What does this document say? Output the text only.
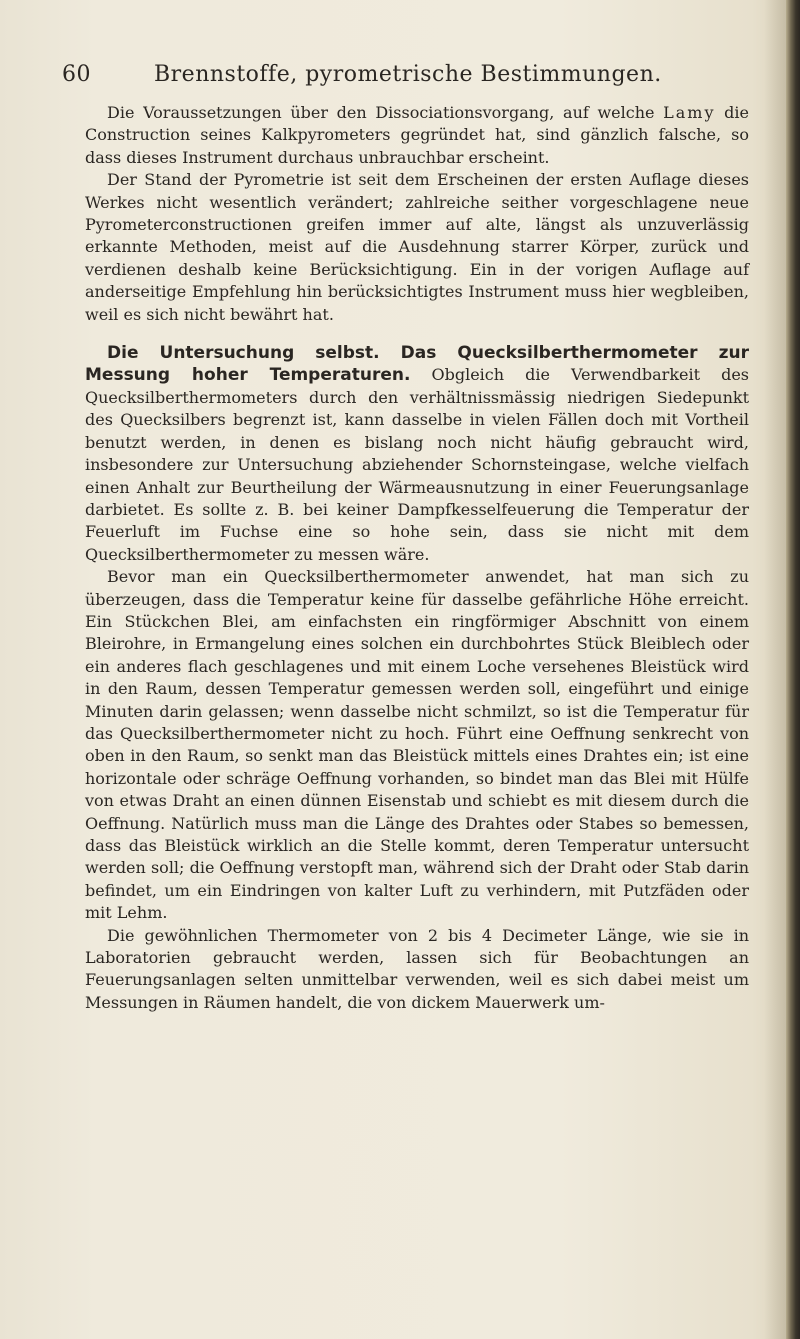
60	Brennstoffe, pyrometrische Bestimmungen.

Die Voraussetzungen über den Dissociationsvorgang, auf welche Lamy die Construction seines Kalkpyrometers gegründet hat, sind gänzlich falsche, so dass dieses Instrument durchaus unbrauchbar erscheint.

Der Stand der Pyrometrie ist seit dem Erscheinen der ersten Auflage dieses Werkes nicht wesentlich verändert; zahlreiche seither vorgeschlagene neue Pyrometerconstructionen greifen immer auf alte, längst als unzuverlässig erkannte Methoden, meist auf die Ausdehnung starrer Körper, zurück und verdienen deshalb keine Berücksichtigung. Ein in der vorigen Auflage auf anderseitige Empfehlung hin berücksichtigtes Instrument muss hier wegbleiben, weil es sich nicht bewährt hat.

Die Untersuchung selbst. Das Quecksilberthermometer zur Messung hoher Temperaturen. Obgleich die Verwendbarkeit des Quecksilberthermometers durch den verhältnissmässig niedrigen Siedepunkt des Quecksilbers begrenzt ist, kann dasselbe in vielen Fällen doch mit Vortheil benutzt werden, in denen es bislang noch nicht häufig gebraucht wird, insbesondere zur Untersuchung abziehender Schornsteingase, welche vielfach einen Anhalt zur Beurtheilung der Wärmeausnutzung in einer Feuerungsanlage darbietet. Es sollte z. B. bei keiner Dampfkesselfeuerung die Temperatur der Feuerluft im Fuchse eine so hohe sein, dass sie nicht mit dem Quecksilberthermometer zu messen wäre.

Bevor man ein Quecksilberthermometer anwendet, hat man sich zu überzeugen, dass die Temperatur keine für dasselbe gefährliche Höhe erreicht. Ein Stückchen Blei, am einfachsten ein ringförmiger Abschnitt von einem Bleirohre, in Ermangelung eines solchen ein durchbohrtes Stück Bleiblech oder ein anderes flach geschlagenes und mit einem Loche versehenes Bleistück wird in den Raum, dessen Temperatur gemessen werden soll, eingeführt und einige Minuten darin gelassen; wenn dasselbe nicht schmilzt, so ist die Temperatur für das Quecksilberthermometer nicht zu hoch. Führt eine Oeffnung senkrecht von oben in den Raum, so senkt man das Bleistück mittels eines Drahtes ein; ist eine horizontale oder schräge Oeffnung vorhanden, so bindet man das Blei mit Hülfe von etwas Draht an einen dünnen Eisenstab und schiebt es mit diesem durch die Oeffnung. Natürlich muss man die Länge des Drahtes oder Stabes so bemessen, dass das Bleistück wirklich an die Stelle kommt, deren Temperatur untersucht werden soll; die Oeffnung verstopft man, während sich der Draht oder Stab darin befindet, um ein Eindringen von kalter Luft zu verhindern, mit Putzfäden oder mit Lehm.

Die gewöhnlichen Thermometer von 2 bis 4 Decimeter Länge, wie sie in Laboratorien gebraucht werden, lassen sich für Beobachtungen an Feuerungsanlagen selten unmittelbar verwenden, weil es sich dabei meist um Messungen in Räumen handelt, die von dickem Mauerwerk um-
